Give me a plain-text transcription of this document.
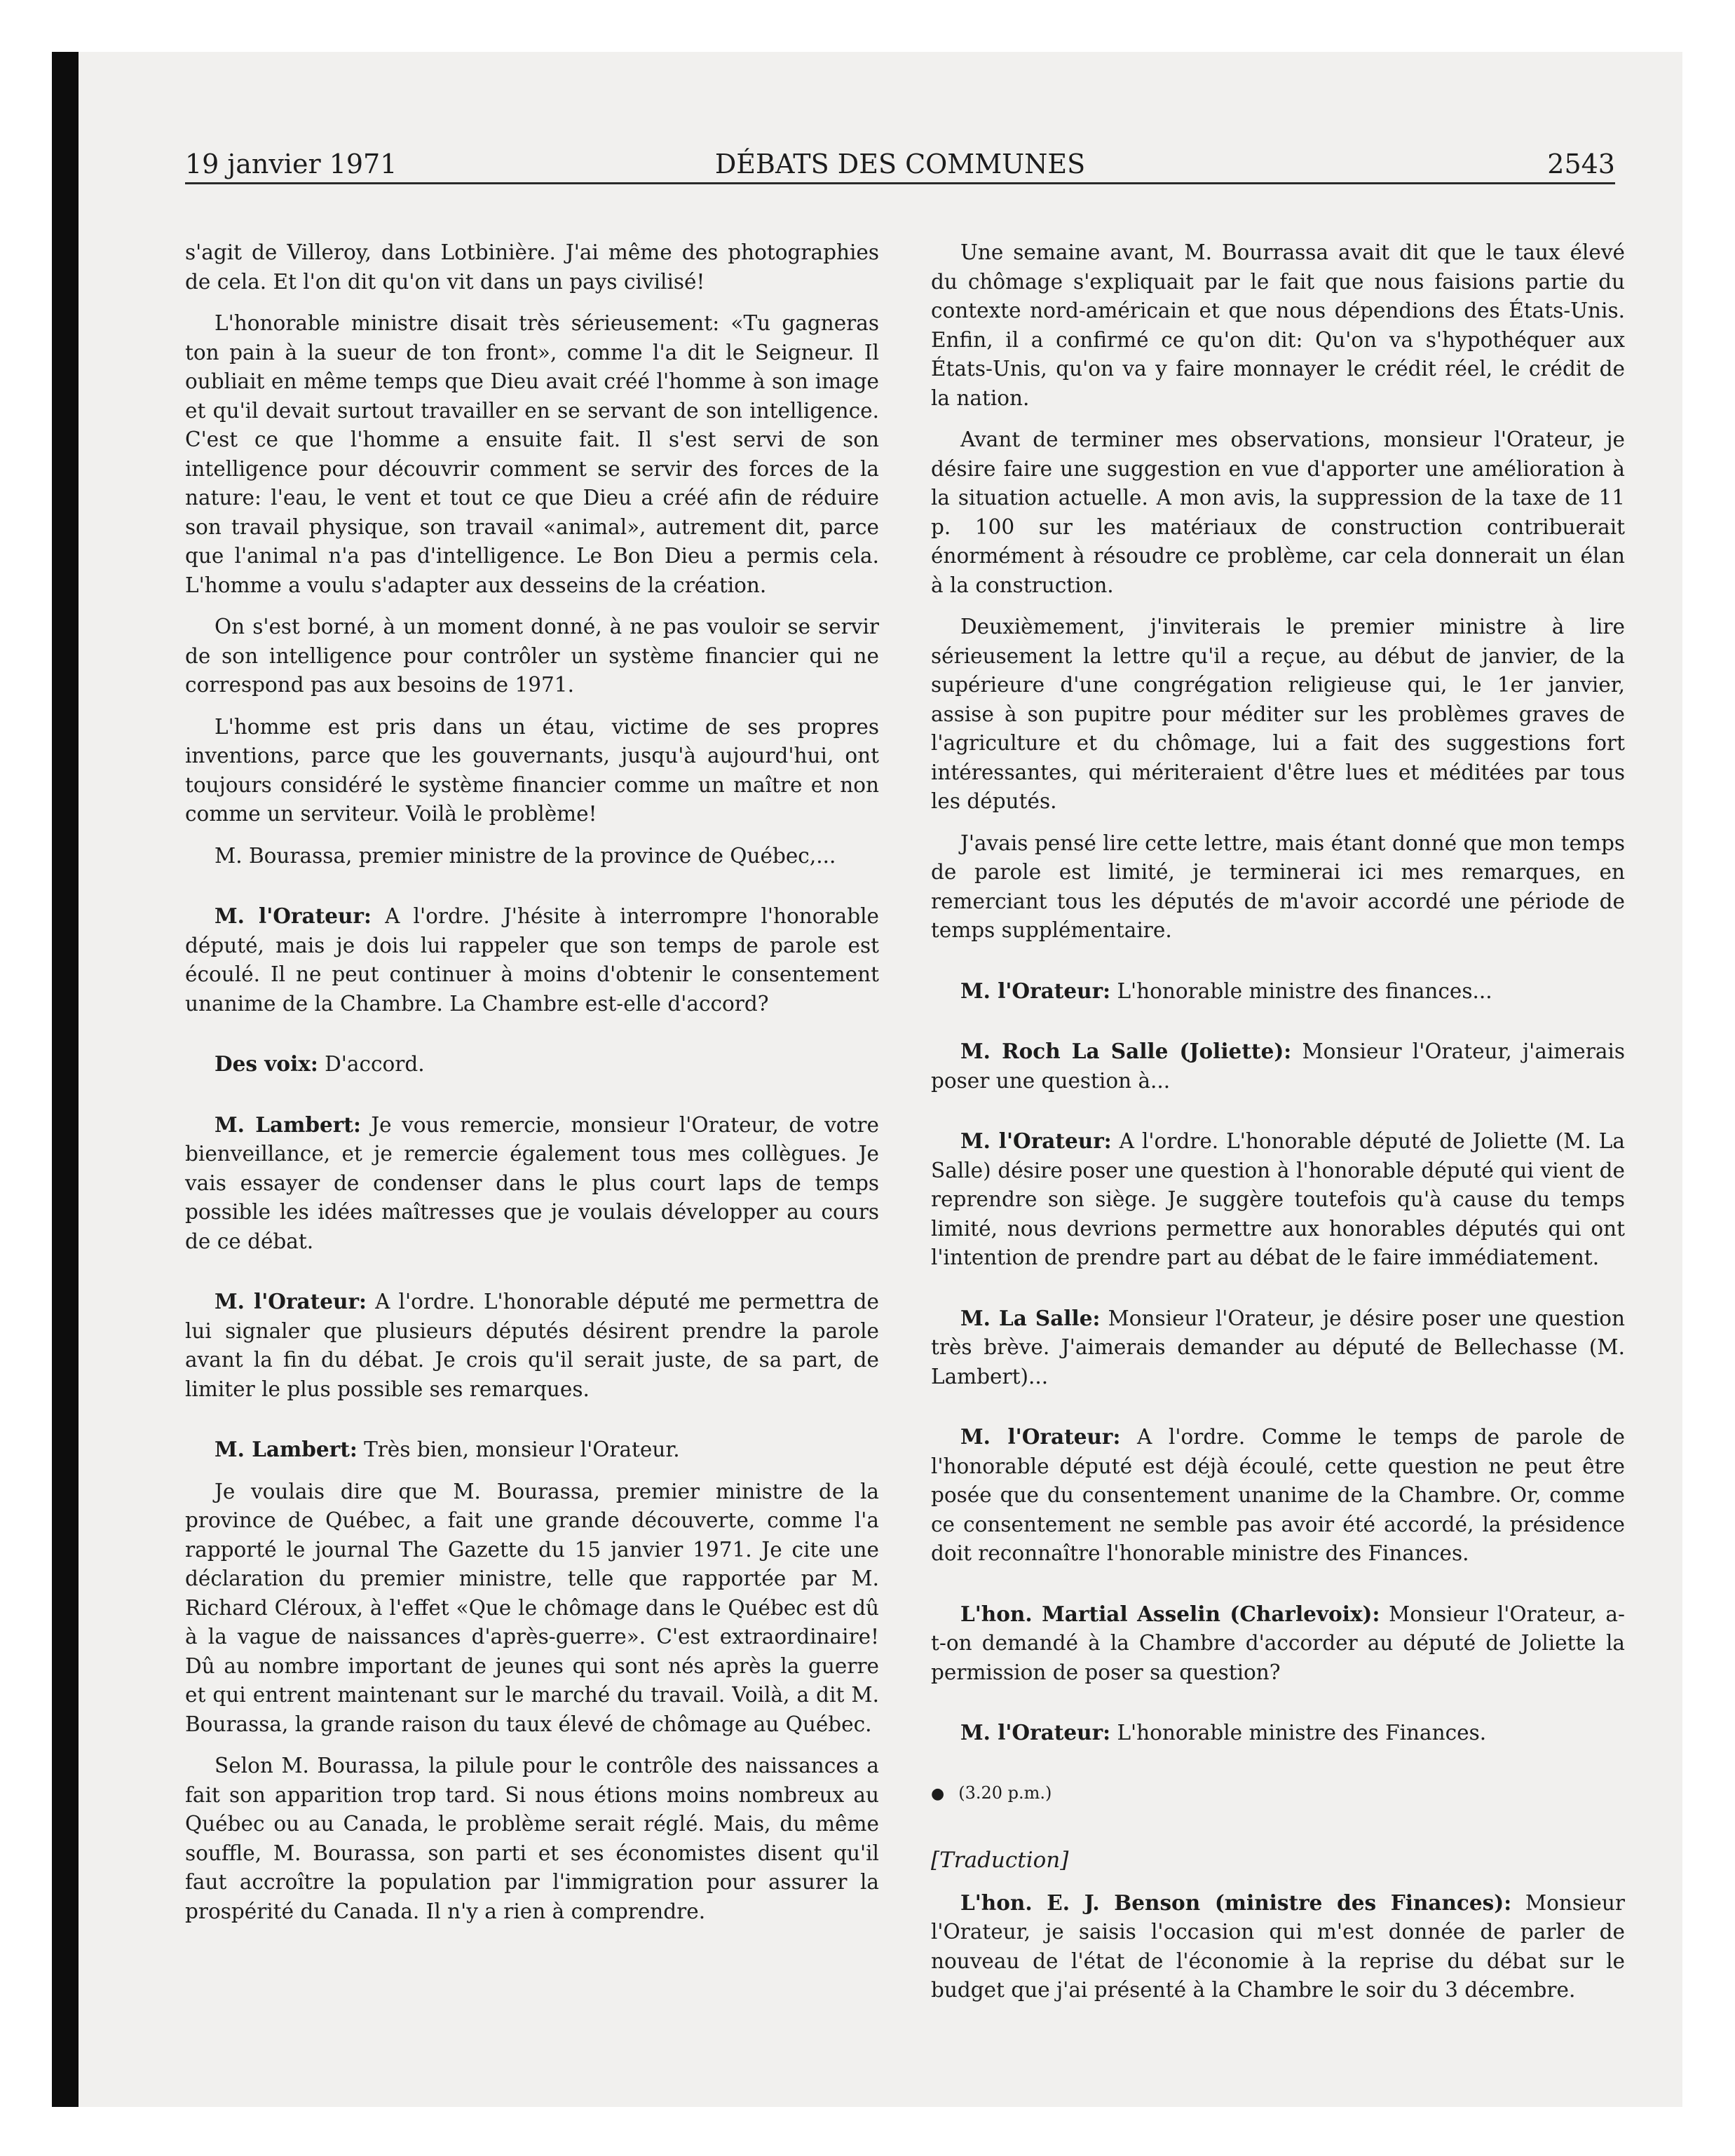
19 janvier 1971	DÉBATS DES COMMUNES	2543

s'agit de Villeroy, dans Lotbinière. J'ai même des photographies de cela. Et l'on dit qu'on vit dans un pays civilisé!

L'honorable ministre disait très sérieusement: «Tu gagneras ton pain à la sueur de ton front», comme l'a dit le Seigneur. Il oubliait en même temps que Dieu avait créé l'homme à son image et qu'il devait surtout travailler en se servant de son intelligence. C'est ce que l'homme a ensuite fait. Il s'est servi de son intelligence pour découvrir comment se servir des forces de la nature: l'eau, le vent et tout ce que Dieu a créé afin de réduire son travail physique, son travail «animal», autrement dit, parce que l'animal n'a pas d'intelligence. Le Bon Dieu a permis cela. L'homme a voulu s'adapter aux desseins de la création.

On s'est borné, à un moment donné, à ne pas vouloir se servir de son intelligence pour contrôler un système financier qui ne correspond pas aux besoins de 1971.

L'homme est pris dans un étau, victime de ses propres inventions, parce que les gouvernants, jusqu'à aujourd'hui, ont toujours considéré le système financier comme un maître et non comme un serviteur. Voilà le problème!

M. Bourassa, premier ministre de la province de Québec,...

M. l'Orateur: A l'ordre. J'hésite à interrompre l'honorable député, mais je dois lui rappeler que son temps de parole est écoulé. Il ne peut continuer à moins d'obtenir le consentement unanime de la Chambre. La Chambre est-elle d'accord?

Des voix: D'accord.

M. Lambert: Je vous remercie, monsieur l'Orateur, de votre bienveillance, et je remercie également tous mes collègues. Je vais essayer de condenser dans le plus court laps de temps possible les idées maîtresses que je voulais développer au cours de ce débat.

M. l'Orateur: A l'ordre. L'honorable député me permettra de lui signaler que plusieurs députés désirent prendre la parole avant la fin du débat. Je crois qu'il serait juste, de sa part, de limiter le plus possible ses remarques.

M. Lambert: Très bien, monsieur l'Orateur.

Je voulais dire que M. Bourassa, premier ministre de la province de Québec, a fait une grande découverte, comme l'a rapporté le journal The Gazette du 15 janvier 1971. Je cite une déclaration du premier ministre, telle que rapportée par M. Richard Cléroux, à l'effet «Que le chômage dans le Québec est dû à la vague de naissances d'après-guerre». C'est extraordinaire! Dû au nombre important de jeunes qui sont nés après la guerre et qui entrent maintenant sur le marché du travail. Voilà, a dit M. Bourassa, la grande raison du taux élevé de chômage au Québec.

Selon M. Bourassa, la pilule pour le contrôle des naissances a fait son apparition trop tard. Si nous étions moins nombreux au Québec ou au Canada, le problème serait réglé. Mais, du même souffle, M. Bourassa, son parti et ses économistes disent qu'il faut accroître la population par l'immigration pour assurer la prospérité du Canada. Il n'y a rien à comprendre.

Une semaine avant, M. Bourrassa avait dit que le taux élevé du chômage s'expliquait par le fait que nous faisions partie du contexte nord-américain et que nous dépendions des États-Unis. Enfin, il a confirmé ce qu'on dit: Qu'on va s'hypothéquer aux États-Unis, qu'on va y faire monnayer le crédit réel, le crédit de la nation.

Avant de terminer mes observations, monsieur l'Orateur, je désire faire une suggestion en vue d'apporter une amélioration à la situation actuelle. A mon avis, la suppression de la taxe de 11 p. 100 sur les matériaux de construction contribuerait énormément à résoudre ce problème, car cela donnerait un élan à la construction.

Deuxièmement, j'inviterais le premier ministre à lire sérieusement la lettre qu'il a reçue, au début de janvier, de la supérieure d'une congrégation religieuse qui, le 1er janvier, assise à son pupitre pour méditer sur les problèmes graves de l'agriculture et du chômage, lui a fait des suggestions fort intéressantes, qui mériteraient d'être lues et méditées par tous les députés.

J'avais pensé lire cette lettre, mais étant donné que mon temps de parole est limité, je terminerai ici mes remarques, en remerciant tous les députés de m'avoir accordé une période de temps supplémentaire.

M. l'Orateur: L'honorable ministre des finances...

M. Roch La Salle (Joliette): Monsieur l'Orateur, j'aimerais poser une question à...

M. l'Orateur: A l'ordre. L'honorable député de Joliette (M. La Salle) désire poser une question à l'honorable député qui vient de reprendre son siège. Je suggère toutefois qu'à cause du temps limité, nous devrions permettre aux honorables députés qui ont l'intention de prendre part au débat de le faire immédiatement.

M. La Salle: Monsieur l'Orateur, je désire poser une question très brève. J'aimerais demander au député de Bellechasse (M. Lambert)...

M. l'Orateur: A l'ordre. Comme le temps de parole de l'honorable député est déjà écoulé, cette question ne peut être posée que du consentement unanime de la Chambre. Or, comme ce consentement ne semble pas avoir été accordé, la présidence doit reconnaître l'honorable ministre des Finances.

L'hon. Martial Asselin (Charlevoix): Monsieur l'Orateur, a-t-on demandé à la Chambre d'accorder au député de Joliette la permission de poser sa question?

M. l'Orateur: L'honorable ministre des Finances.

● (3.20 p.m.)

[Traduction]

L'hon. E. J. Benson (ministre des Finances): Monsieur l'Orateur, je saisis l'occasion qui m'est donnée de parler de nouveau de l'état de l'économie à la reprise du débat sur le budget que j'ai présenté à la Chambre le soir du 3 décembre.
